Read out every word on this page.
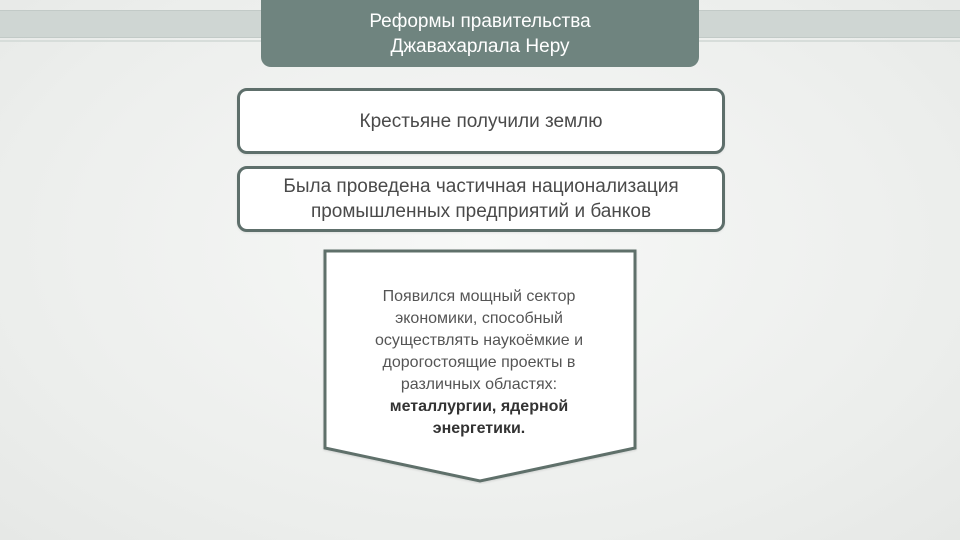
Реформы правительства
Джавахарлала Неру
Крестьяне получили землю
Была проведена частичная национализация
промышленных предприятий и банков
Появился мощный сектор
экономики, способный
осуществлять наукоёмкие и
дорогостоящие проекты в
различных областях:
металлургии, ядерной
энергетики.
